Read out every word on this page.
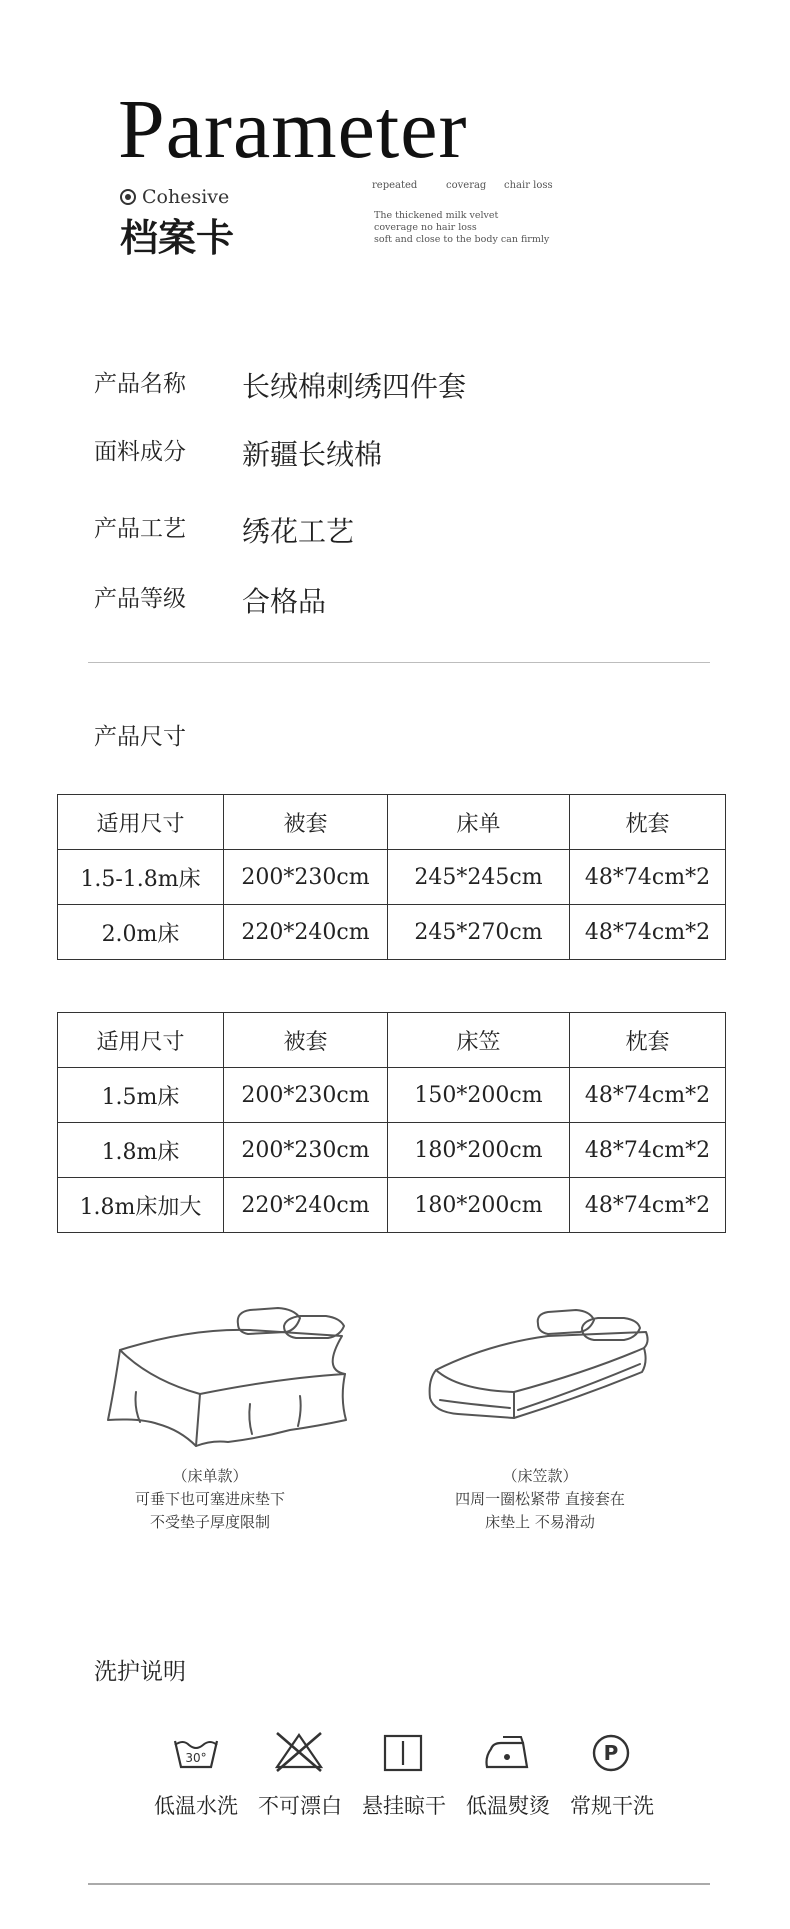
Parameter
Cohesive
档案卡
repeated	coverag chair loss
The thickened milk velvet
coverage no hair loss
soft and close to the body can firmly
产品名称	长绒棉刺绣四件套
面料成分	新疆长绒棉
产品工艺	绣花工艺
产品等级	合格品
产品尺寸
适用尺寸	被套	床单	枕套
1.5-1.8m床	200*230cm	245*245cm	48*74cm*2
2.0m床	220*240cm	245*270cm	48*74cm*2
适用尺寸	被套	床笠	枕套
1.5m床	200*230cm	150*200cm	48*74cm*2
1.8m床	200*230cm	180*200cm	48*74cm*2
1.8m床加大	220*240cm	180*200cm	48*74cm*2
（床单款）
可垂下也可塞进床垫下
不受垫子厚度限制
（床笠款）
四周一圈松紧带 直接套在
床垫上 不易滑动
洗护说明
30°	P
低温水洗 不可漂白 悬挂晾干 低温熨烫 常规干洗
